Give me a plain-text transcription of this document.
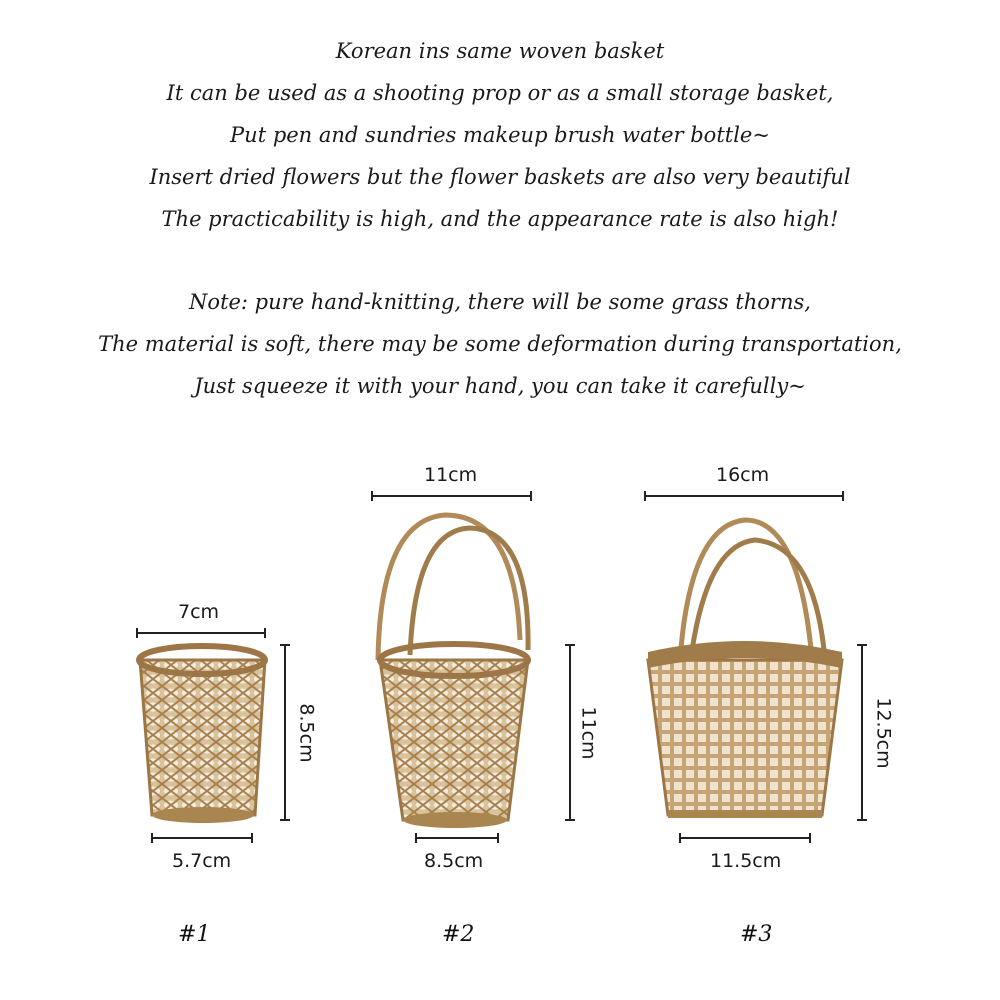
Korean ins same woven basket
It can be used as a shooting prop or as a small storage basket,
Put pen and sundries makeup brush water bottle~
Insert dried flowers but the flower baskets are also very beautiful
The practicability is high, and the appearance rate is also high!
Note: pure hand-knitting, there will be some grass thorns,
The material is soft, there may be some deformation during transportation,
Just squeeze it with your hand, you can take it carefully~
7cm
8.5cm
5.7cm
11cm
11cm
8.5cm
16cm
12.5cm
11.5cm
#1	#2	#3
